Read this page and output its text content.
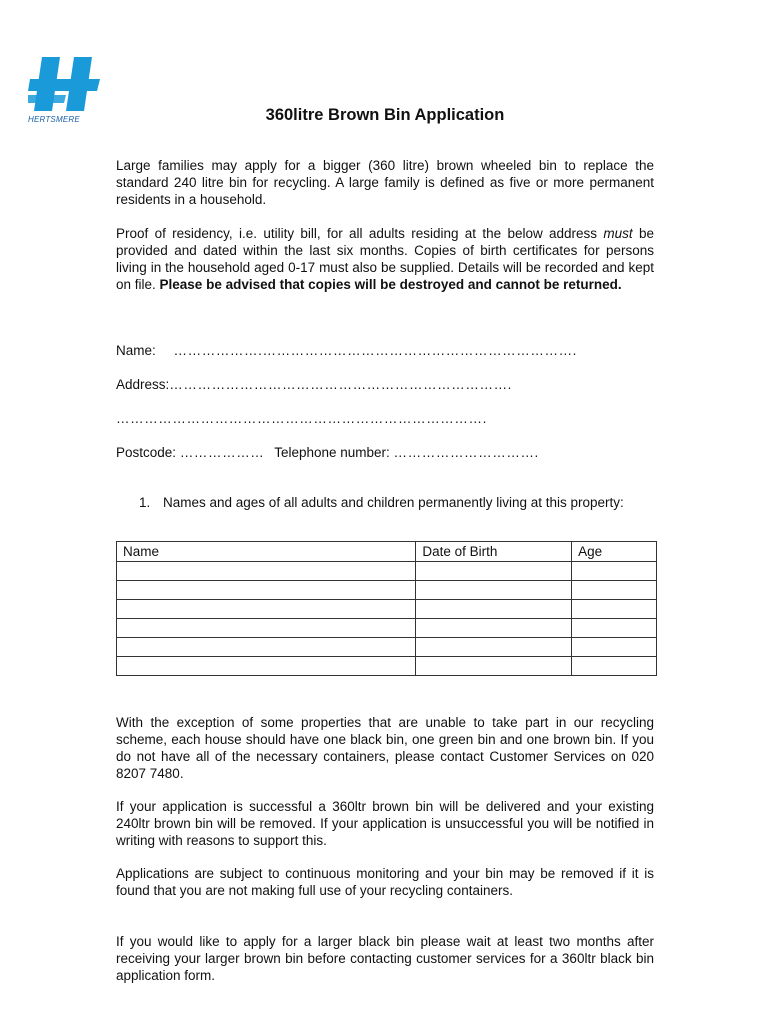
HERTSMERE	360litre Brown Bin Application

Large families may apply for a bigger (360 litre) brown wheeled bin to replace the standard 240 litre bin for recycling. A large family is defined as five or more permanent residents in a household.

Proof of residency, i.e. utility bill, for all adults residing at the below address must be provided and dated within the last six months. Copies of birth certificates for persons living in the household aged 0-17 must also be supplied. Details will be recorded and kept on file. Please be advised that copies will be destroyed and cannot be returned.

Name: ……………….………………………………………………………….
Address:……………………………………………………………….
…………………………………………………………………….
Postcode: ……………… Telephone number: ………………………….
1. Names and ages of all adults and children permanently living at this property:
Name	Date of Birth	Age

With the exception of some properties that are unable to take part in our recycling scheme, each house should have one black bin, one green bin and one brown bin. If you do not have all of the necessary containers, please contact Customer Services on 020 8207 7480.

If your application is successful a 360ltr brown bin will be delivered and your existing 240ltr brown bin will be removed. If your application is unsuccessful you will be notified in writing with reasons to support this.

Applications are subject to continuous monitoring and your bin may be removed if it is found that you are not making full use of your recycling containers.

If you would like to apply for a larger black bin please wait at least two months after receiving your larger brown bin before contacting customer services for a 360ltr black bin application form.
